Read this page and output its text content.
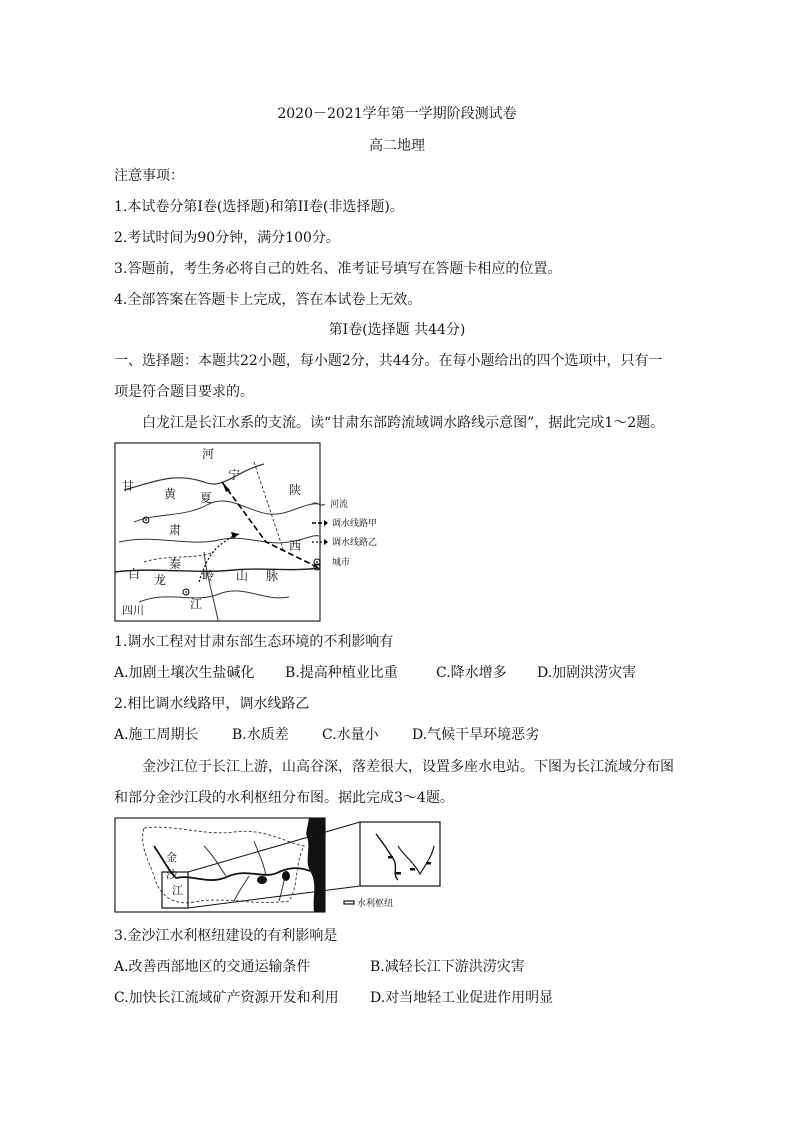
2020－2021学年第一学期阶段测试卷
高二地理
注意事项：
1.本试卷分第I卷(选择题)和第II卷(非选择题)。
2.考试时间为90分钟，满分100分。
3.答题前，考生务必将自己的姓名、准考证号填写在答题卡相应的位置。
4.全部答案在答题卡上完成，答在本试卷上无效。
第I卷(选择题 共44分)
一、选择题：本题共22小题，每小题2分，共44分。在每小题给出的四个选项中，只有一
项是符合题目要求的。
白龙江是长江水系的支流。读“甘肃东部跨流域调水路线示意图”，据此完成1～2题。
河
宁
陕
甘
黄 夏
肃
西
秦
岭 山 脉
白 龙
江
四川
河流
调水线路甲
调水线路乙
城市
1.调水工程对甘肃东部生态环境的不利影响有
A.加剧土壤次生盐碱化 B.提高种植业比重	C.降水增多 D.加剧洪涝灾害
2.相比调水线路甲，调水线路乙
A.施工周期长 B.水质差 C.水量小 D.气候干旱环境恶劣
金沙江位于长江上游，山高谷深，落差很大，设置多座水电站。下图为长江流域分布图
和部分金沙江段的水利枢纽分布图。据此完成3～4题。
金
沙
江
水利枢纽
3.金沙江水利枢纽建设的有利影响是
A.改善西部地区的交通运输条件	B.减轻长江下游洪涝灾害
C.加快长江流域矿产资源开发和利用 D.对当地轻工业促进作用明显
